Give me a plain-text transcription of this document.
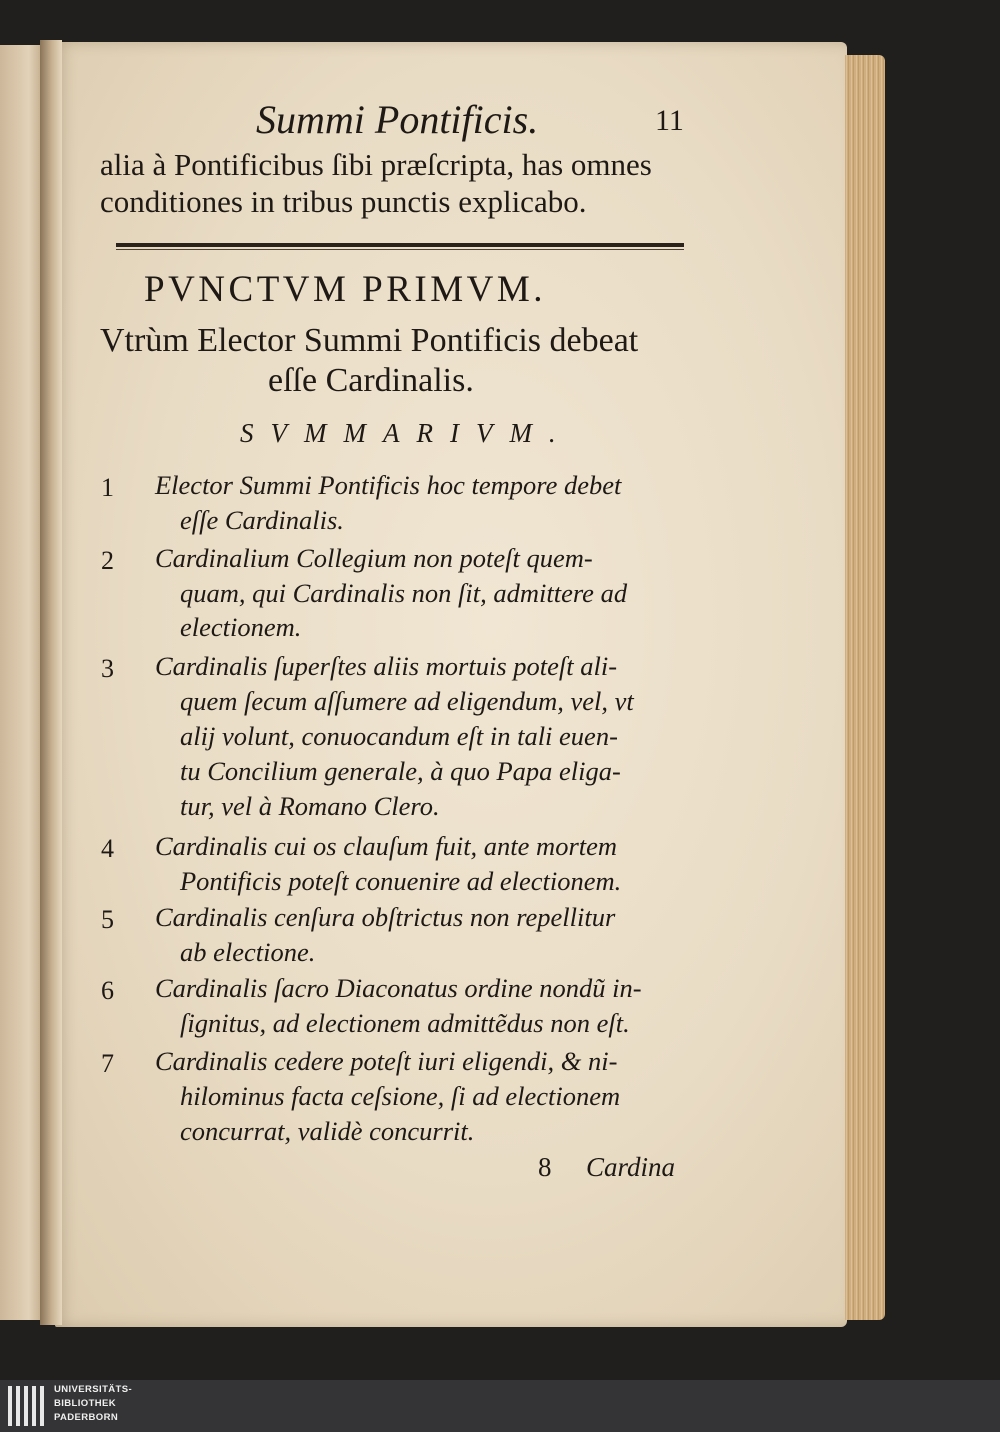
Summi Pontificis.	11
alia à Pontificibus ſibi præſcripta, has omnes
conditiones in tribus punctis explicabo.
PVNCTVM PRIMVM.
Vtrùm Elector Summi Pontificis debeat
eſſe Cardinalis.
SVMMARIVM.
1 Elector Summi Pontificis hoc tempore debet
eſſe Cardinalis.
2 Cardinalium Collegium non poteſt quem-
quam, qui Cardinalis non ſit, admittere ad
electionem.
3 Cardinalis ſuperſtes aliis mortuis poteſt ali-
quem ſecum aſſumere ad eligendum, vel, vt
alij volunt, conuocandum eſt in tali euen-
tu Concilium generale, à quo Papa eliga-
tur, vel à Romano Clero.
4 Cardinalis cui os clauſum fuit, ante mortem
Pontificis poteſt conuenire ad electionem.
5 Cardinalis cenſura obſtrictus non repellitur
ab electione.
6 Cardinalis ſacro Diaconatus ordine nondũ in-
ſignitus, ad electionem admittẽdus non eſt.
7 Cardinalis cedere poteſt iuri eligendi, & ni-
hilominus facta ceſsione, ſi ad electionem
concurrat, validè concurrit.
8 Cardina
UNIVERSITÄTS-
BIBLIOTHEK
PADERBORN
